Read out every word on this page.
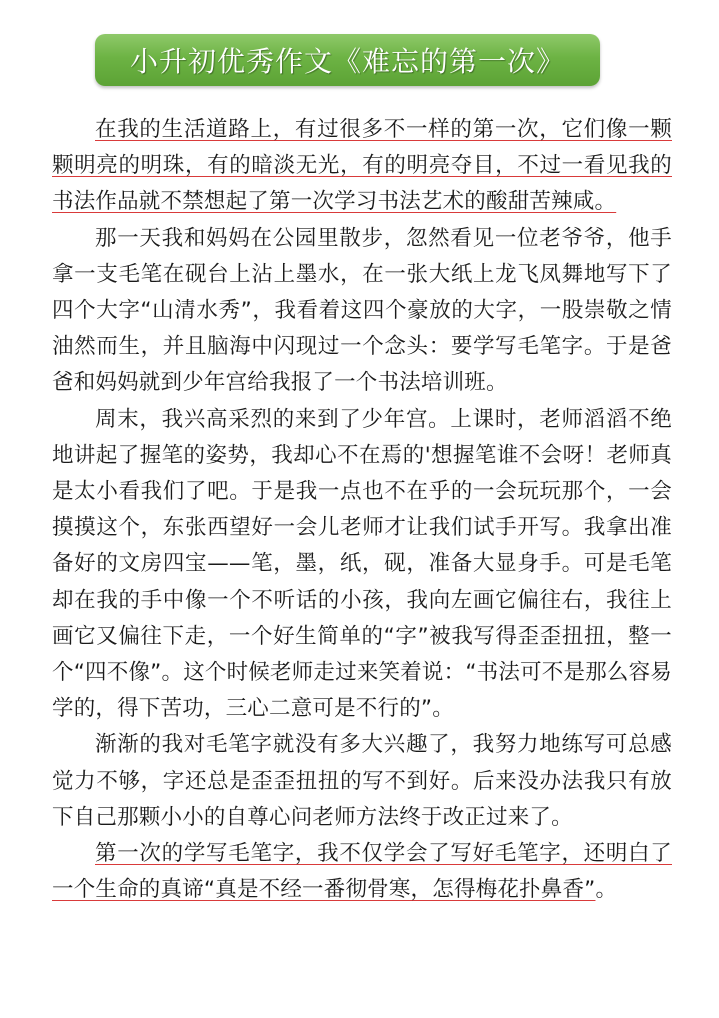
小升初优秀作文《难忘的第一次》

在我的生活道路上，有过很多不一样的第一次，它们像一颗颗明亮的明珠，有的暗淡无光，有的明亮夺目，不过一看见我的书法作品就不禁想起了第一次学习书法艺术的酸甜苦辣咸。

那一天我和妈妈在公园里散步，忽然看见一位老爷爷，他手拿一支毛笔在砚台上沾上墨水，在一张大纸上龙飞凤舞地写下了四个大字“山清水秀”，我看着这四个豪放的大字，一股崇敬之情油然而生，并且脑海中闪现过一个念头：要学写毛笔字。于是爸爸和妈妈就到少年宫给我报了一个书法培训班。

周末，我兴高采烈的来到了少年宫。上课时，老师滔滔不绝地讲起了握笔的姿势，我却心不在焉的'想握笔谁不会呀！老师真是太小看我们了吧。于是我一点也不在乎的一会玩玩那个，一会摸摸这个，东张西望好一会儿老师才让我们试手开写。我拿出准备好的文房四宝——笔，墨，纸，砚，准备大显身手。可是毛笔却在我的手中像一个不听话的小孩，我向左画它偏往右，我往上画它又偏往下走，一个好生简单的“字”被我写得歪歪扭扭，整一个“四不像”。这个时候老师走过来笑着说：“书法可不是那么容易学的，得下苦功，三心二意可是不行的”。

渐渐的我对毛笔字就没有多大兴趣了，我努力地练写可总感觉力不够，字还总是歪歪扭扭的写不到好。后来没办法我只有放下自己那颗小小的自尊心问老师方法终于改正过来了。

第一次的学写毛笔字，我不仅学会了写好毛笔字，还明白了一个生命的真谛“真是不经一番彻骨寒，怎得梅花扑鼻香”。
